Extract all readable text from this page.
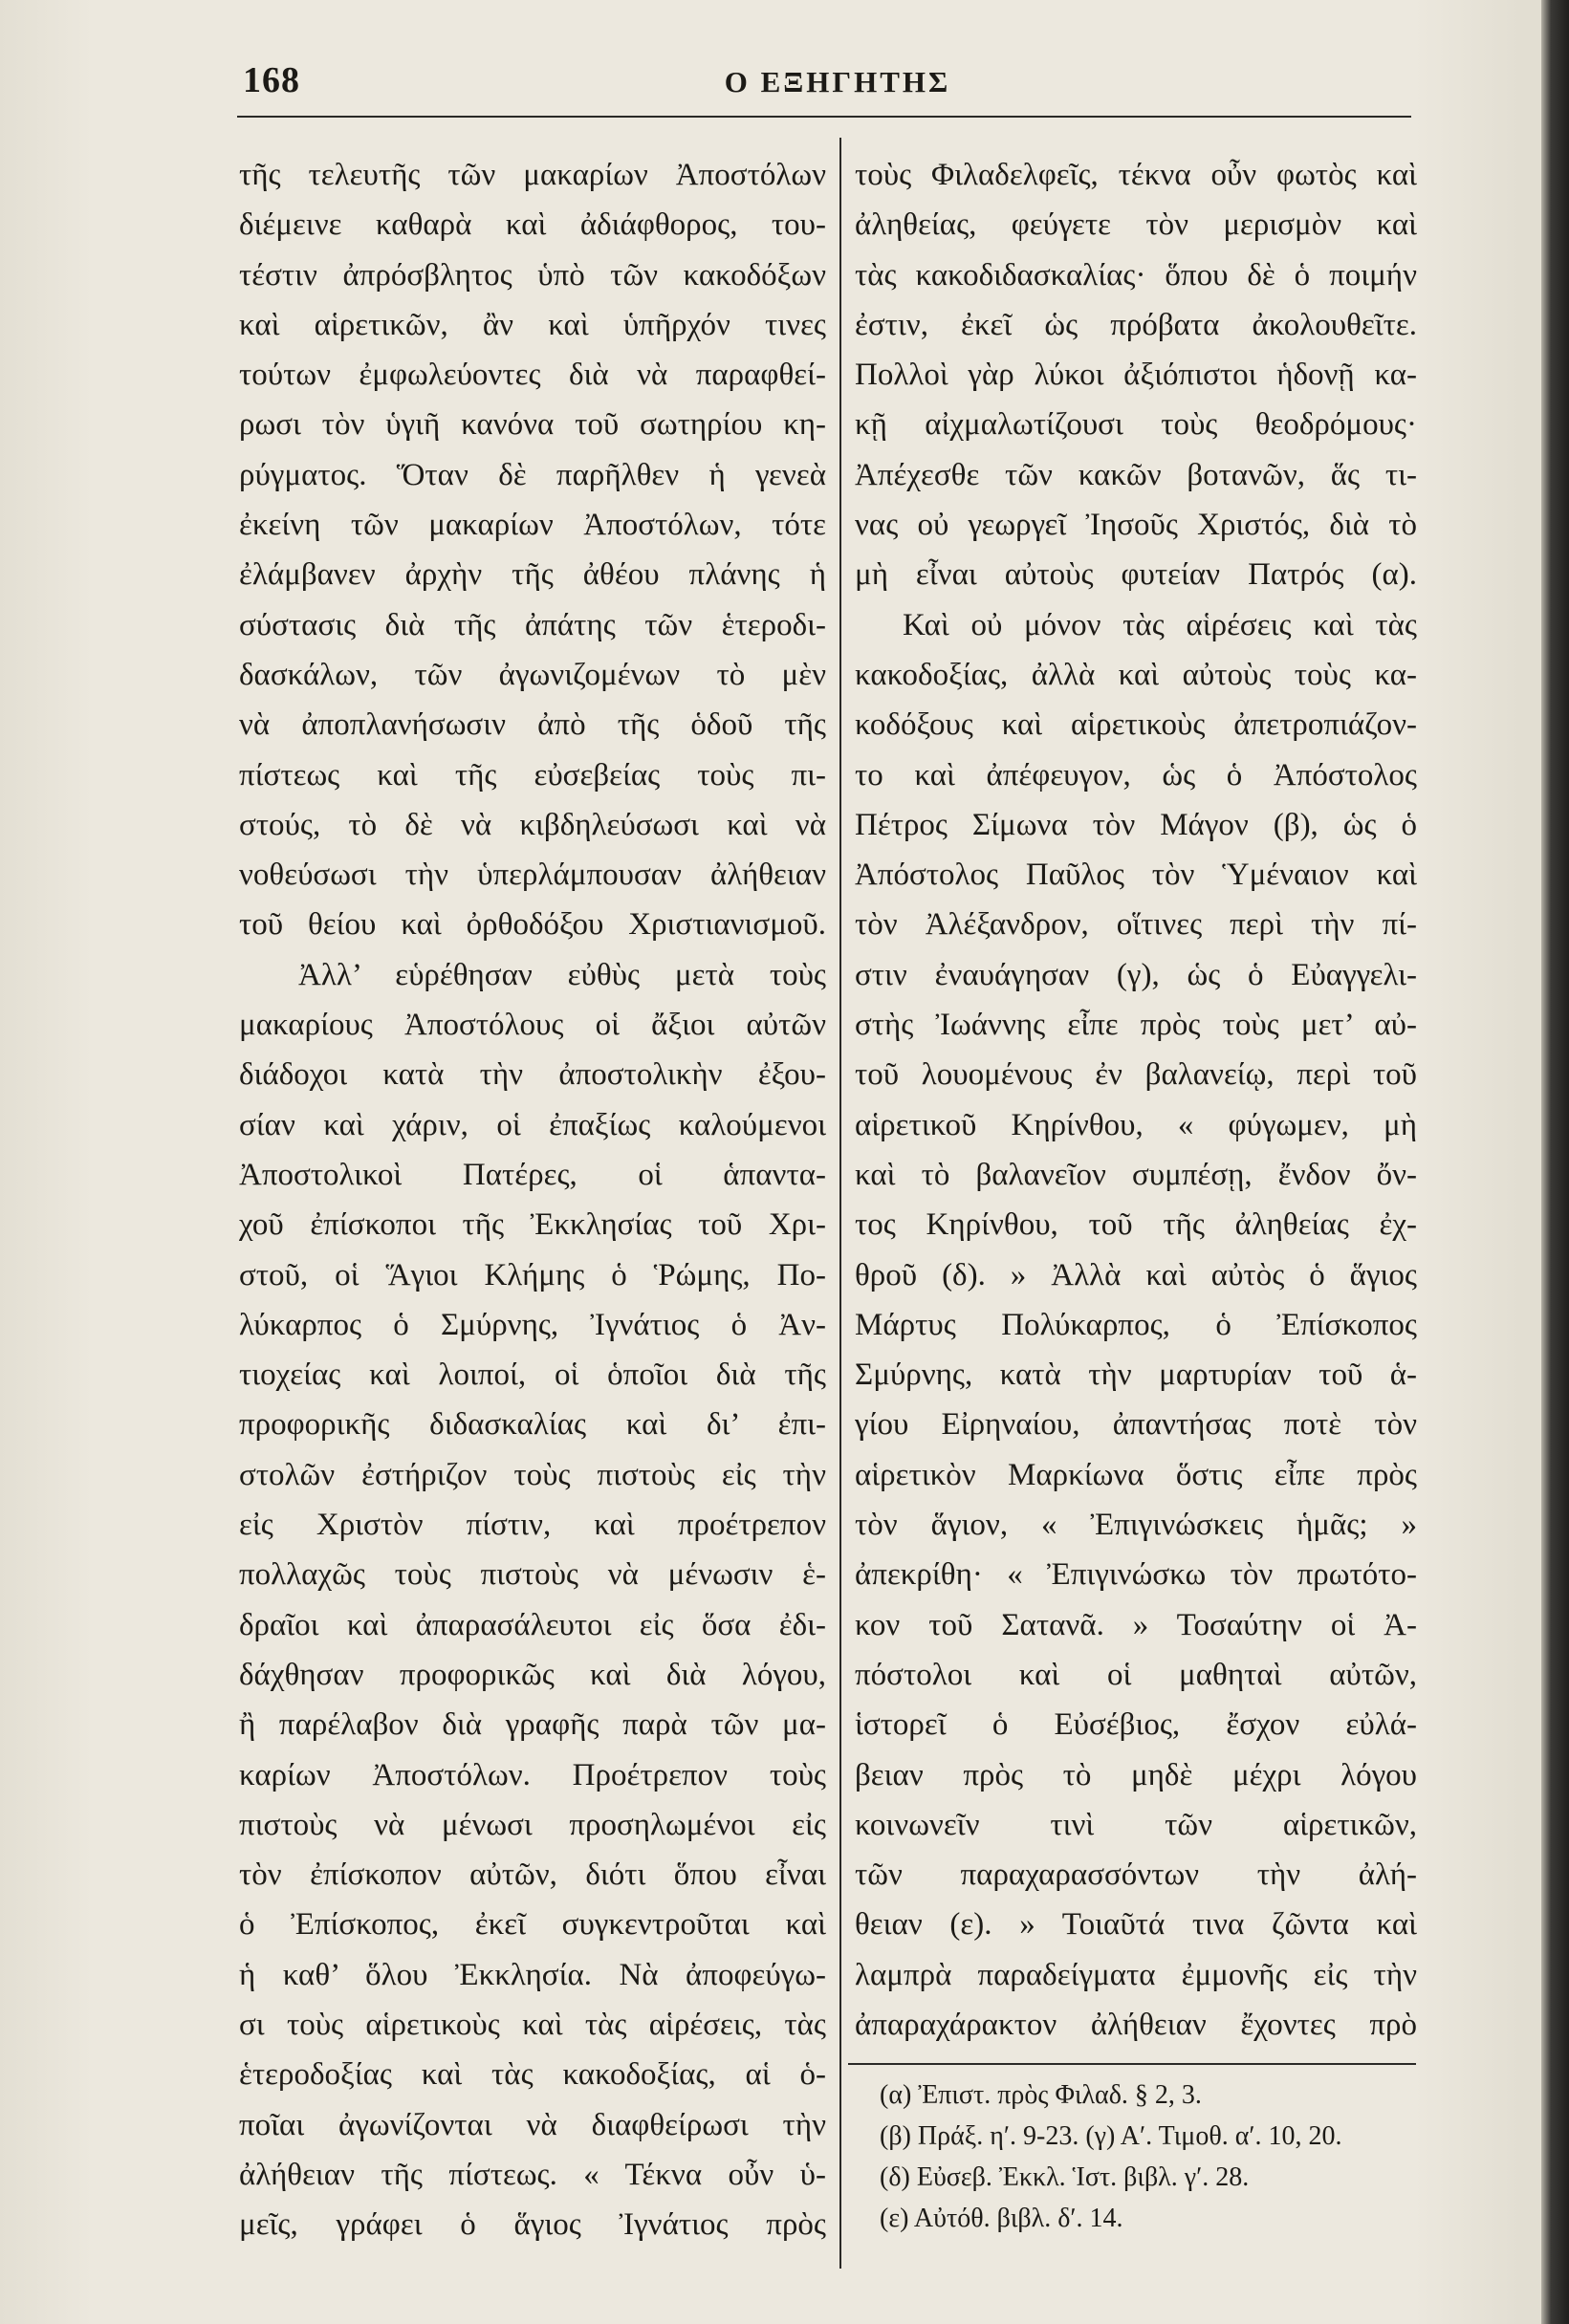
168	Ο ΕΞΗΓΗΤΗΣ
τῆς τελευτῆς τῶν μακαρίων Ἀποστόλων
διέμεινε καθαρὰ καὶ ἀδιάφθορος, του-
τέστιν ἀπρόσβλητος ὑπὸ τῶν κακοδόξων
καὶ αἱρετικῶν, ἂν καὶ ὑπῆρχόν τινες
τούτων ἐμφωλεύοντες διὰ νὰ παραφθεί-
ρωσι τὸν ὑγιῆ κανόνα τοῦ σωτηρίου κη-
ρύγματος. Ὅταν δὲ παρῆλθεν ἡ γενεὰ
ἐκείνη τῶν μακαρίων Ἀποστόλων, τότε
ἐλάμβανεν ἀρχὴν τῆς ἀθέου πλάνης ἡ
σύστασις διὰ τῆς ἀπάτης τῶν ἑτεροδι-
δασκάλων, τῶν ἀγωνιζομένων τὸ μὲν
νὰ ἀποπλανήσωσιν ἀπὸ τῆς ὁδοῦ τῆς
πίστεως καὶ τῆς εὐσεβείας τοὺς πι-
στούς, τὸ δὲ νὰ κιβδηλεύσωσι καὶ νὰ
νοθεύσωσι τὴν ὑπερλάμπουσαν ἀλήθειαν
τοῦ θείου καὶ ὀρθοδόξου Χριστιανισμοῦ.
Ἀλλ’ εὑρέθησαν εὐθὺς μετὰ τοὺς
μακαρίους Ἀποστόλους οἱ ἄξιοι αὐτῶν
διάδοχοι κατὰ τὴν ἀποστολικὴν ἐξου-
σίαν καὶ χάριν, οἱ ἐπαξίως καλούμενοι
Ἀποστολικοὶ Πατέρες, οἱ ἁπαντα-
χοῦ ἐπίσκοποι τῆς Ἐκκλησίας τοῦ Χρι-
στοῦ, οἱ Ἅγιοι Κλήμης ὁ Ῥώμης, Πο-
λύκαρπος ὁ Σμύρνης, Ἰγνάτιος ὁ Ἀν-
τιοχείας καὶ λοιποί, οἱ ὁποῖοι διὰ τῆς
προφορικῆς διδασκαλίας καὶ δι’ ἐπι-
στολῶν ἐστήριζον τοὺς πιστοὺς εἰς τὴν
εἰς Χριστὸν πίστιν, καὶ προέτρεπον
πολλαχῶς τοὺς πιστοὺς νὰ μένωσιν ἑ-
δραῖοι καὶ ἀπαρασάλευτοι εἰς ὅσα ἐδι-
δάχθησαν προφορικῶς καὶ διὰ λόγου,
ἢ παρέλαβον διὰ γραφῆς παρὰ τῶν μα-
καρίων Ἀποστόλων. Προέτρεπον τοὺς
πιστοὺς νὰ μένωσι προσηλωμένοι εἰς
τὸν ἐπίσκοπον αὐτῶν, διότι ὅπου εἶναι
ὁ Ἐπίσκοπος, ἐκεῖ συγκεντροῦται καὶ
ἡ καθ’ ὅλου Ἐκκλησία. Νὰ ἀποφεύγω-
σι τοὺς αἱρετικοὺς καὶ τὰς αἱρέσεις, τὰς
ἑτεροδοξίας καὶ τὰς κακοδοξίας, αἱ ὁ-
ποῖαι ἀγωνίζονται νὰ διαφθείρωσι τὴν
ἀλήθειαν τῆς πίστεως. « Τέκνα οὖν ὑ-
μεῖς, γράφει ὁ ἅγιος Ἰγνάτιος πρὸς
τοὺς Φιλαδελφεῖς, τέκνα οὖν φωτὸς καὶ
ἀληθείας, φεύγετε τὸν μερισμὸν καὶ
τὰς κακοδιδασκαλίας· ὅπου δὲ ὁ ποιμήν
ἐστιν, ἐκεῖ ὡς πρόβατα ἀκολουθεῖτε.
Πολλοὶ γὰρ λύκοι ἀξιόπιστοι ἡδονῇ κα-
κῇ αἰχμαλωτίζουσι τοὺς θεοδρόμους·
Ἀπέχεσθε τῶν κακῶν βοτανῶν, ἅς τι-
νας οὐ γεωργεῖ Ἰησοῦς Χριστός, διὰ τὸ
μὴ εἶναι αὐτοὺς φυτείαν Πατρός (α).
Καὶ οὐ μόνον τὰς αἱρέσεις καὶ τὰς
κακοδοξίας, ἀλλὰ καὶ αὐτοὺς τοὺς κα-
κοδόξους καὶ αἱρετικοὺς ἀπετροπιάζον-
το καὶ ἀπέφευγον, ὡς ὁ Ἀπόστολος
Πέτρος Σίμωνα τὸν Μάγον (β), ὡς ὁ
Ἀπόστολος Παῦλος τὸν Ὑμέναιον καὶ
τὸν Ἀλέξανδρον, οἵτινες περὶ τὴν πί-
στιν ἐναυάγησαν (γ), ὡς ὁ Εὐαγγελι-
στὴς Ἰωάννης εἶπε πρὸς τοὺς μετ’ αὐ-
τοῦ λουομένους ἐν βαλανείῳ, περὶ τοῦ
αἱρετικοῦ Κηρίνθου, « φύγωμεν, μὴ
καὶ τὸ βαλανεῖον συμπέσῃ, ἔνδον ὄν-
τος Κηρίνθου, τοῦ τῆς ἀληθείας ἐχ-
θροῦ (δ). » Ἀλλὰ καὶ αὐτὸς ὁ ἅγιος
Μάρτυς Πολύκαρπος, ὁ Ἐπίσκοπος
Σμύρνης, κατὰ τὴν μαρτυρίαν τοῦ ἁ-
γίου Εἰρηναίου, ἀπαντήσας ποτὲ τὸν
αἱρετικὸν Μαρκίωνα ὅστις εἶπε πρὸς
τὸν ἅγιον, « Ἐπιγινώσκεις ἡμᾶς; »
ἀπεκρίθη· « Ἐπιγινώσκω τὸν πρωτότο-
κον τοῦ Σατανᾶ. » Τοσαύτην οἱ Ἀ-
πόστολοι καὶ οἱ μαθηταὶ αὐτῶν,
ἱστορεῖ ὁ Εὐσέβιος, ἔσχον εὐλά-
βειαν πρὸς τὸ μηδὲ μέχρι λόγου
κοινωνεῖν τινὶ τῶν αἱρετικῶν,
τῶν παραχαρασσόντων τὴν ἀλή-
θειαν (ε). » Τοιαῦτά τινα ζῶντα καὶ
λαμπρὰ παραδείγματα ἐμμονῆς εἰς τὴν
ἀπαραχάρακτον ἀλήθειαν ἔχοντες πρὸ
(α) Ἐπιστ. πρὸς Φιλαδ. § 2, 3.
(β) Πράξ. ηʹ. 9-23. (γ) Αʹ. Τιμοθ. αʹ. 10, 20.
(δ) Εὐσεβ. Ἐκκλ. Ἱστ. βιβλ. γʹ. 28.
(ε) Αὐτόθ. βιβλ. δʹ. 14.
